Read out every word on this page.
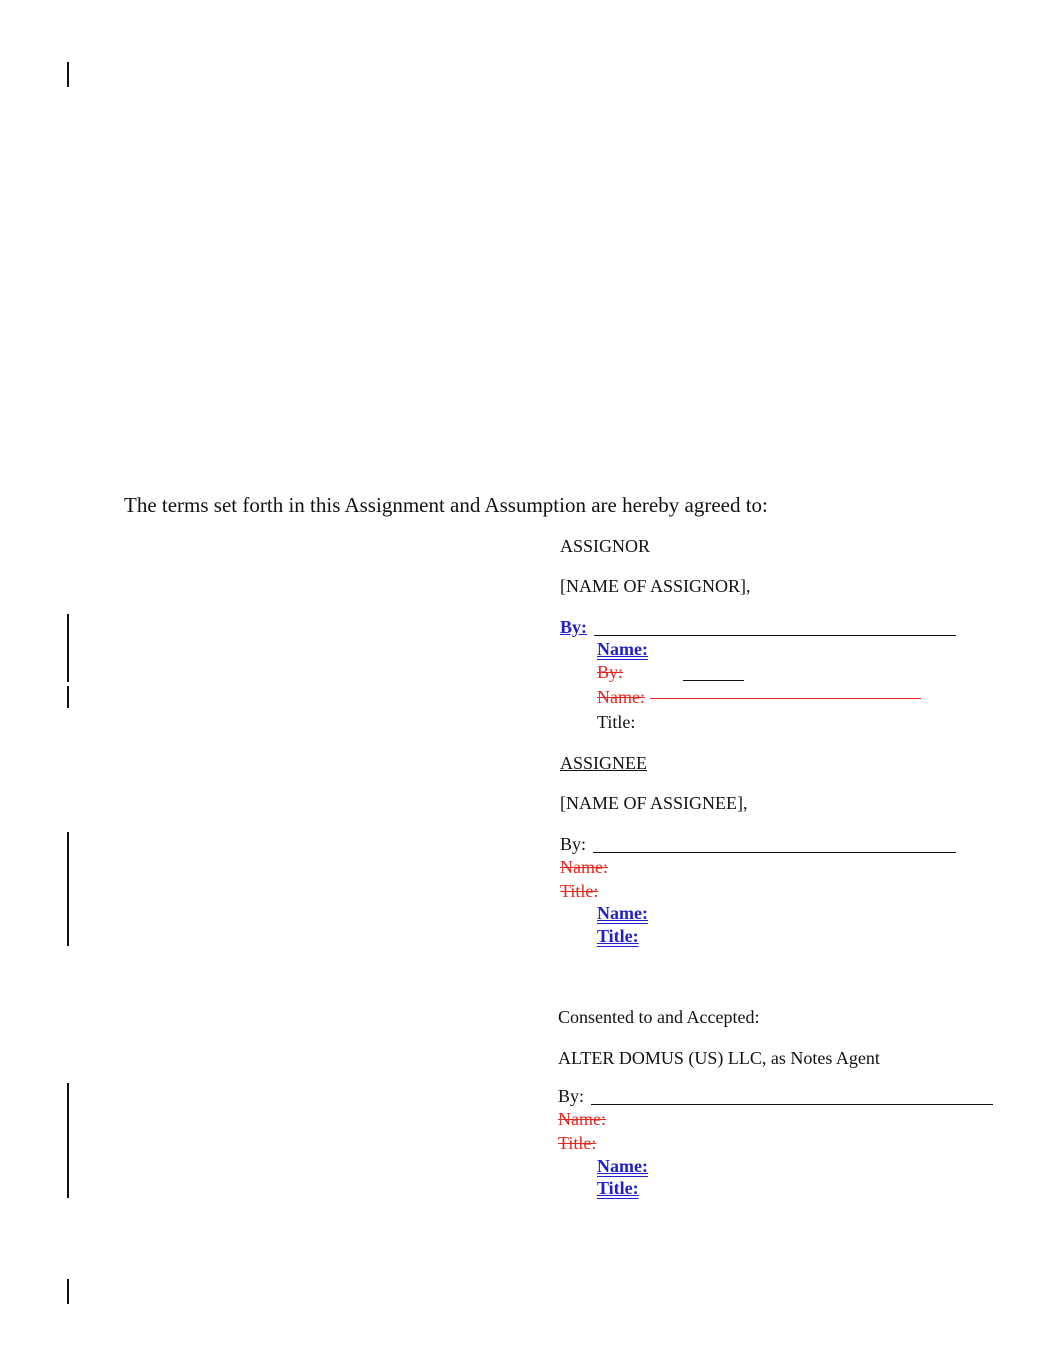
The terms set forth in this Assignment and Assumption are hereby agreed to:
ASSIGNOR
[NAME OF ASSIGNOR],
By:
Name:
By:
Name:
Title:
ASSIGNEE
[NAME OF ASSIGNEE],
By:
Name:
Title:
Name:
Title:
Consented to and Accepted:
ALTER DOMUS (US) LLC, as Notes Agent
By:
Name:
Title:
Name:
Title:
